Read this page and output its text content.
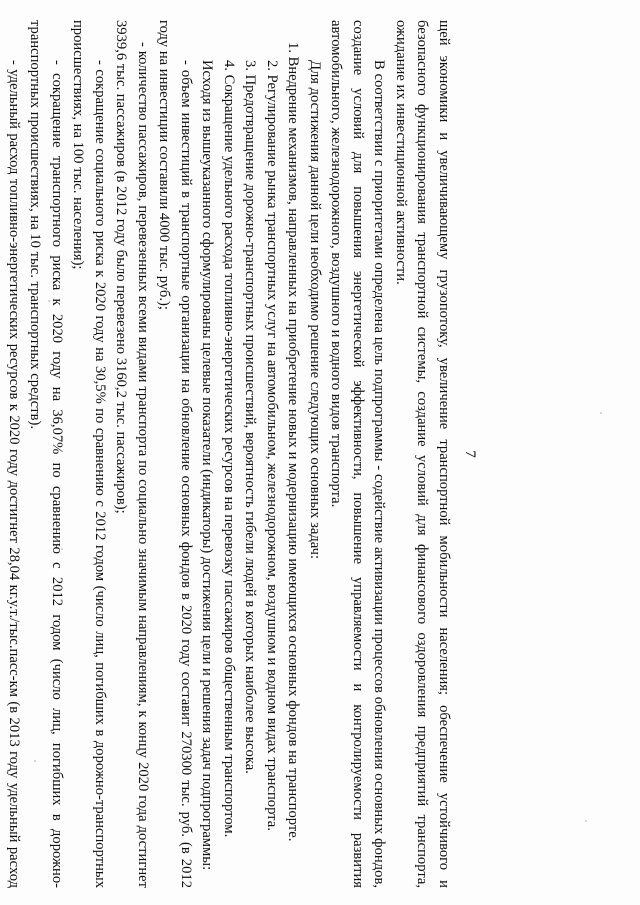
7

щей экономики и увеличивающему грузопотоку, увеличение транспортной мобильности населения; обеспечение устойчивого и безопасного функционирования транспортной системы, создание условий для финансового оздоровления предприятий транспорта, ожидание их инвестиционной активности.

В соответствии с приоритетами определена цель подпрограммы - содействие активизации процессов обновления основных фондов, создание условий для повышения энергетической эффективности, повышение управляемости и контролируемости развития автомобильного, железнодорожного, воздушного и водного видов транспорта.

Для достижения данной цели необходимо решение следующих основных задач:

1. Внедрение механизмов, направленных на приобретение новых и модернизацию имеющихся основных фондов на транспорте.

2. Регулирование рынка транспортных услуг на автомобильном, железнодорожном, воздушном и водном видах транспорта.

3. Предотвращение дорожно-транспортных происшествий, вероятность гибели людей в которых наиболее высока.

4. Сокращение удельного расхода топливно-энергетических ресурсов на перевозку пассажиров общественным транспортом.

Исходя из вышеуказанного сформулированы целевые показатели (индикаторы) достижения цели и решения задач подпрограммы:

- объем инвестиций в транспортные организации на обновление основных фондов в 2020 году составит 270300 тыс. руб. (в 2012 году на инвестиции составили 4000 тыс. руб.);

- количество пассажиров, перевезенных всеми видами транспорта по социально значимым направлениям, к концу 2020 года достигнет 3939,6 тыс. пассажиров (в 2012 году было перевезено 3160,2 тыс. пассажиров);

- сокращение социального риска к 2020 году на 30,5% по сравнению с 2012 годом (число лиц, погибших в дорожно-транспортных происшествиях, на 100 тыс. населения);

- сокращение транспортного риска к 2020 году на 36,07% по сравнению с 2012 годом (число лиц, погибших в дорожно-транспортных происшествиях, на 10 тыс. транспортных средств).

- удельный расход топливно-энергетических ресурсов к 2020 году достигнет 28,04 кг.у.т./тыс.пасс-км (в 2013 году удельный расход
